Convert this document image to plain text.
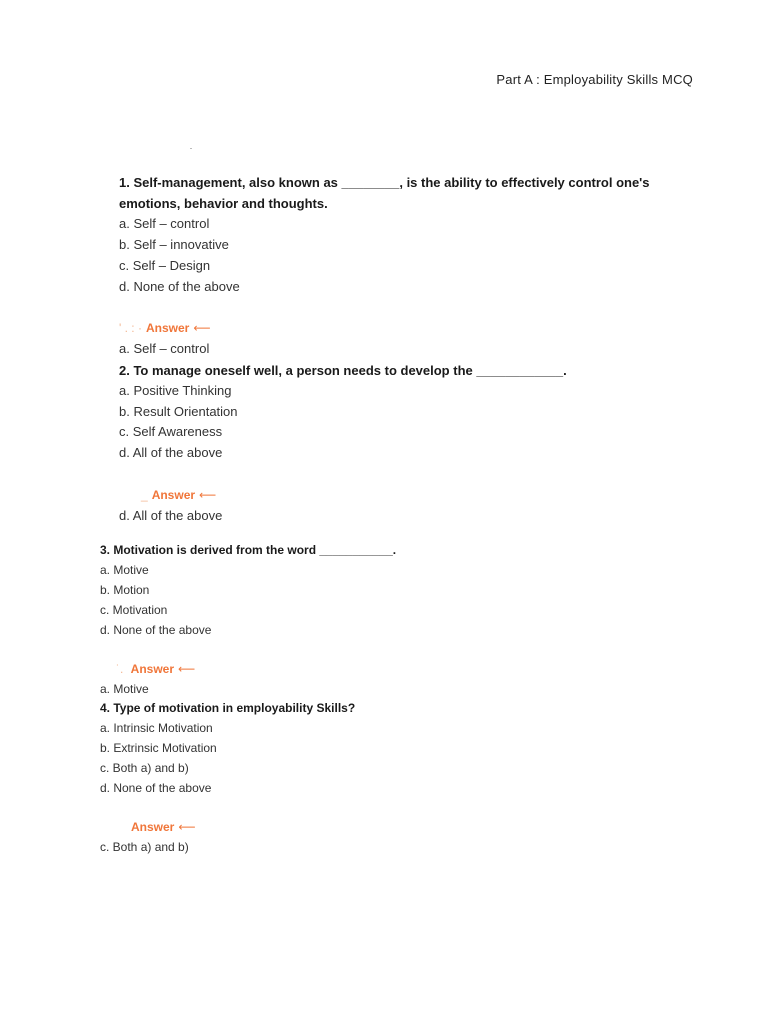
Part A : Employability Skills MCQ
1. Self-management, also known as ________, is the ability to effectively control one's
emotions, behavior and thoughts.
a. Self – control
b. Self – innovative
c. Self – Design
d. None of the above
' . : · Answer ⟵
a. Self – control
2. To manage oneself well, a person needs to develop the ____________.
a. Positive Thinking
b. Result Orientation
c. Self Awareness
d. All of the above
_ Answer ⟵
d. All of the above
3. Motivation is derived from the word ___________.
a. Motive
b. Motion
c. Motivation
d. None of the above
˙. Answer ⟵
a. Motive
4. Type of motivation in employability Skills?
a. Intrinsic Motivation
b. Extrinsic Motivation
c. Both a) and b)
d. None of the above
Answer ⟵
c. Both a) and b)
